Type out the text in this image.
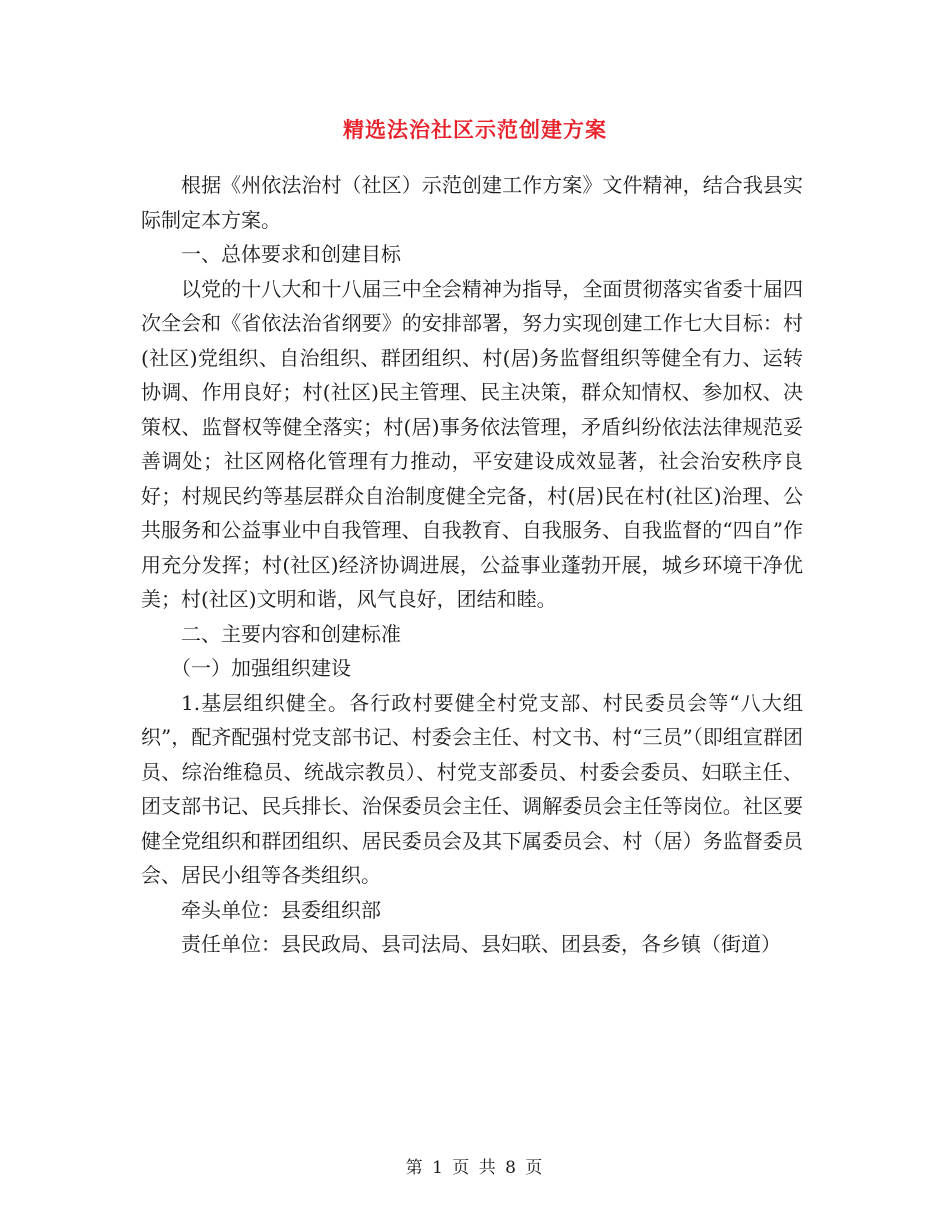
精选法治社区示范创建方案

根据《州依法治村（社区）示范创建工作方案》文件精神，结合我县实际制定本方案。

一、总体要求和创建目标

以党的十八大和十八届三中全会精神为指导，全面贯彻落实省委十届四次全会和《省依法治省纲要》的安排部署，努力实现创建工作七大目标：村(社区)党组织、自治组织、群团组织、村(居)务监督组织等健全有力、运转协调、作用良好；村(社区)民主管理、民主决策，群众知情权、参加权、决策权、监督权等健全落实；村(居)事务依法管理，矛盾纠纷依法法律规范妥善调处；社区网格化管理有力推动，平安建设成效显著，社会治安秩序良好；村规民约等基层群众自治制度健全完备，村(居)民在村(社区)治理、公共服务和公益事业中自我管理、自我教育、自我服务、自我监督的“四自”作用充分发挥；村(社区)经济协调进展，公益事业蓬勃开展，城乡环境干净优美；村(社区)文明和谐，风气良好，团结和睦。

二、主要内容和创建标准

（一）加强组织建设

1.基层组织健全。各行政村要健全村党支部、村民委员会等“八大组织”，配齐配强村党支部书记、村委会主任、村文书、村“三员”（即组宣群团员、综治维稳员、统战宗教员）、村党支部委员、村委会委员、妇联主任、团支部书记、民兵排长、治保委员会主任、调解委员会主任等岗位。社区要健全党组织和群团组织、居民委员会及其下属委员会、村（居）务监督委员会、居民小组等各类组织。

牵头单位：县委组织部

责任单位：县民政局、县司法局、县妇联、团县委，各乡镇（街道）

第 1 页 共 8 页
